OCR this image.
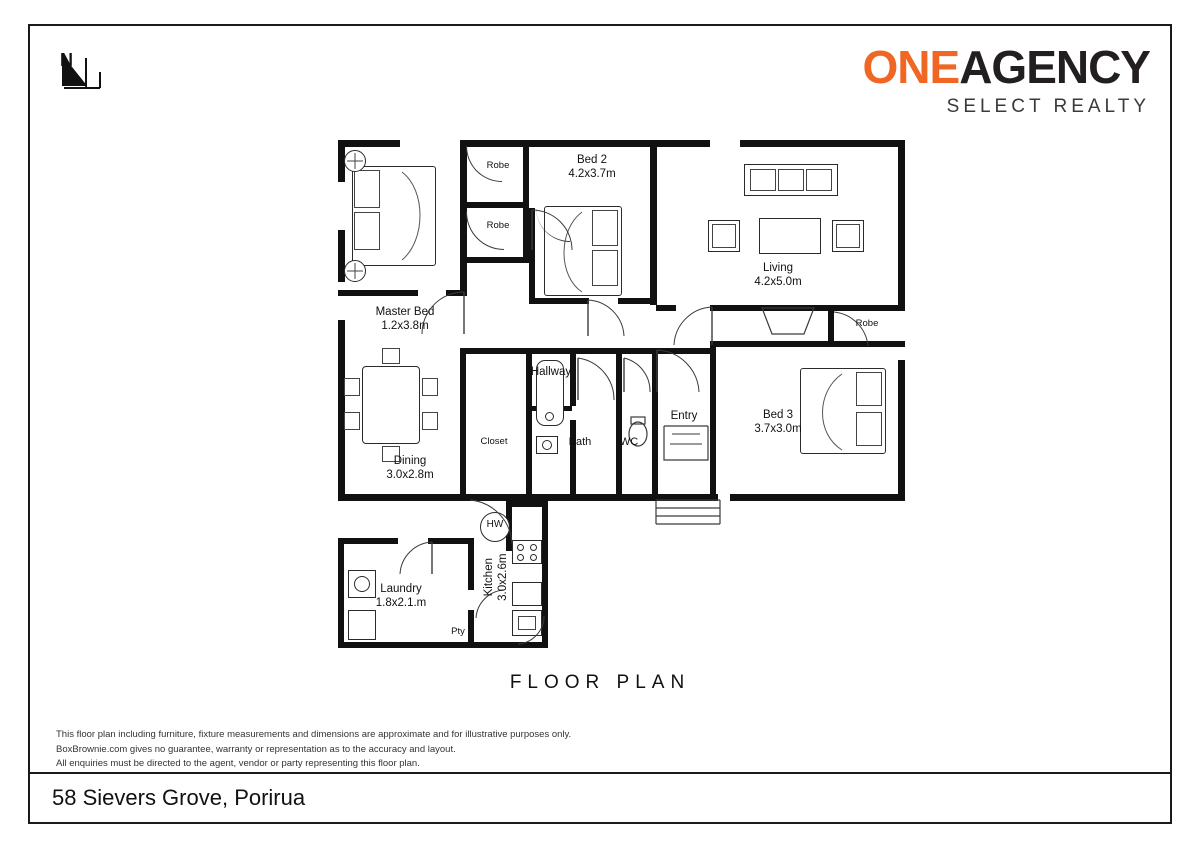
N	ONEAGENCY
SELECT REALTY
Master Bed
1.2x3.8m
Bed 2
4.2x3.7m
Living
4.2x5.0m
Bed 3
3.7x3.0m
Dining
3.0x2.8m
Laundry
1.8x2.1.m
Kitchen 3.0x2.6m
Robe
Robe
Robe
Hallway
Entry
Closet	Bath	WC
Pty
HW
FLOOR PLAN
This floor plan including furniture, fixture measurements and dimensions are approximate and for illustrative purposes only.
BoxBrownie.com gives no guarantee, warranty or representation as to the accuracy and layout.
All enquiries must be directed to the agent, vendor or party representing this floor plan.
58 Sievers Grove, Porirua
